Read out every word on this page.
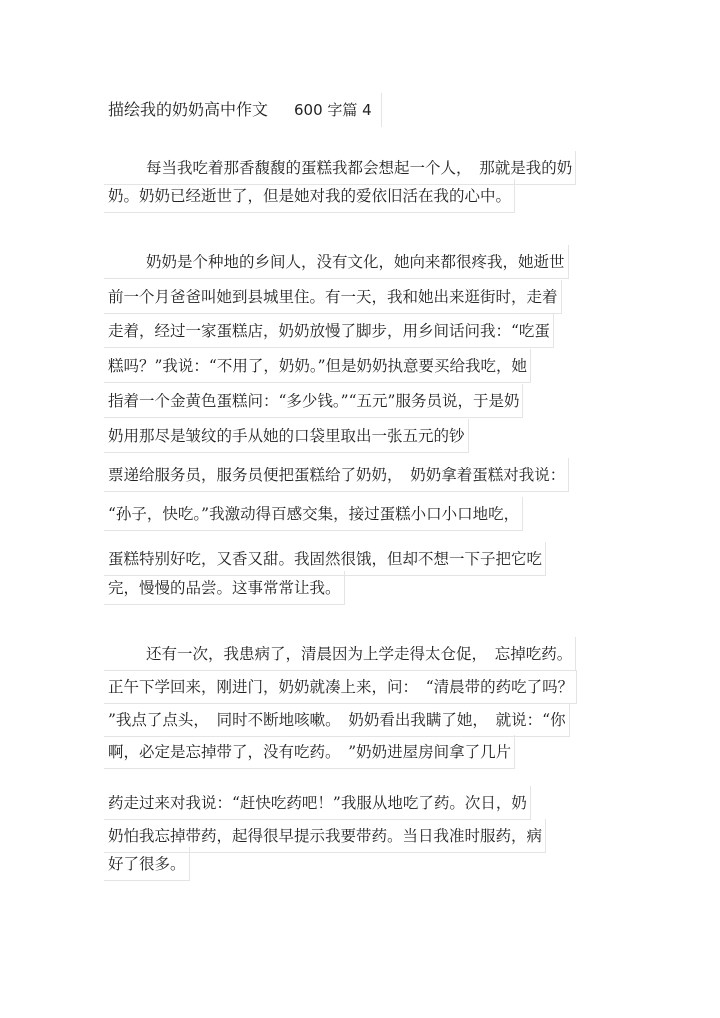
描绘我的奶奶高中作文 600 字篇 4
每当我吃着那香馥馥的蛋糕我都会想起一个人，　那就是我的奶
奶。奶奶已经逝世了，但是她对我的爱依旧活在我的心中。
奶奶是个种地的乡间人，没有文化，她向来都很疼我，她逝世
前一个月爸爸叫她到县城里住。有一天，我和她出来逛街时，走着
走着，经过一家蛋糕店，奶奶放慢了脚步，用乡间话问我：“吃蛋
糕吗？”我说：“不用了，奶奶。”但是奶奶执意要买给我吃，她
指着一个金黄色蛋糕问：“多少钱。”“五元”服务员说，于是奶
奶用那尽是皱纹的手从她的口袋里取出一张五元的钞
票递给服务员，服务员便把蛋糕给了奶奶，　奶奶拿着蛋糕对我说：
“孙子，快吃。”我激动得百感交集，接过蛋糕小口小口地吃，
蛋糕特别好吃，又香又甜。我固然很饿，但却不想一下子把它吃
完，慢慢的品尝。这事常常让我。
还有一次，我患病了，清晨因为上学走得太仓促，　忘掉吃药。
正午下学回来，刚进门，奶奶就凑上来，问：　“清晨带的药吃了吗？
”我点了点头，　同时不断地咳嗽。　奶奶看出我瞒了她，　就说：“你
啊，必定是忘掉带了，没有吃药。　”奶奶进屋房间拿了几片
药走过来对我说：“赶快吃药吧！”我服从地吃了药。次日，奶
奶怕我忘掉带药，起得很早提示我要带药。当日我准时服药，病
好了很多。
